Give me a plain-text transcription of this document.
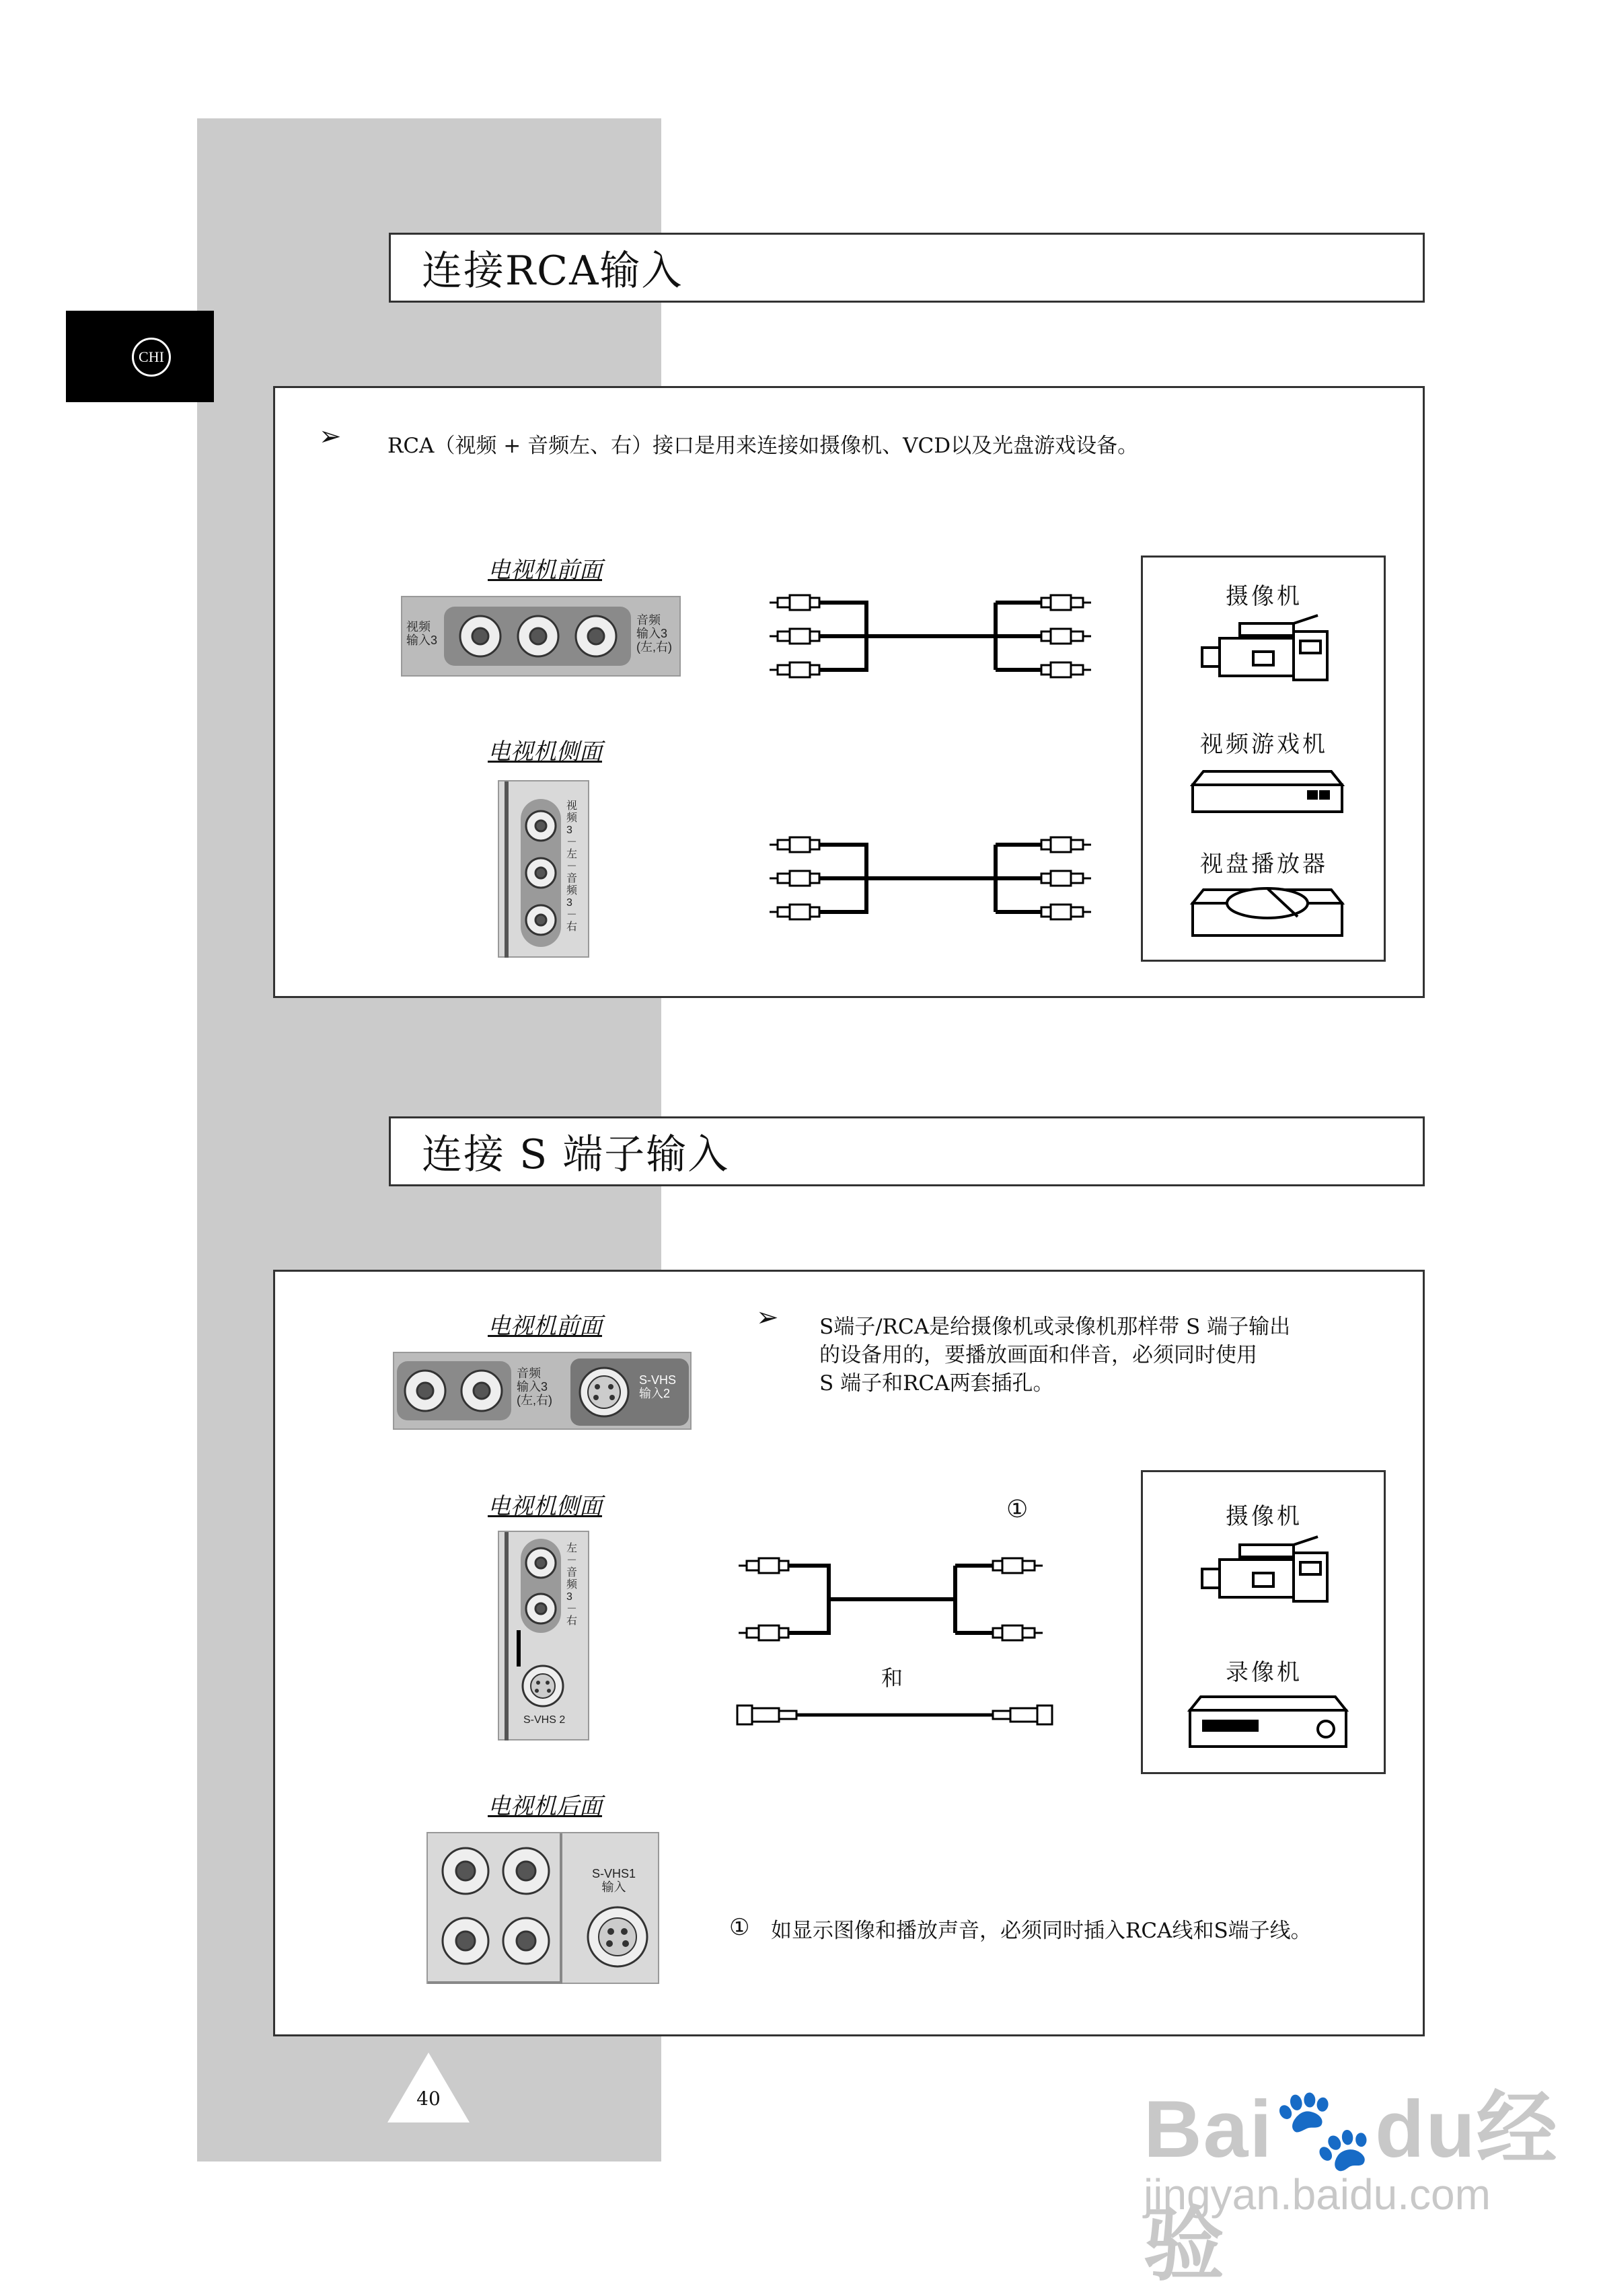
CHI
连接RCA输入
➢ RCA（视频 + 音频左、右）接口是用来连接如摄像机、VCD以及光盘游戏设备。
电视机前面
视频
输入3
音频
输入3
(左,右)
电视机侧面
视频3－左－音频3－右
摄像机
视频游戏机
视盘播放器
连接 S 端子输入
电视机前面
音频
输入3
(左,右)
S-VHS
输入2
➢ S端子/RCA是给摄像机或录像机那样带 S 端子输出
的设备用的，要播放画面和伴音，必须同时使用
S 端子和RCA两套插孔。
电视机侧面
左－音频3－右
S-VHS 2
①
和
摄像机
录像机
电视机后面
S-VHS1
输入
① 如显示图像和播放声音，必须同时插入RCA线和S端子线。
40	Bai🐾du经验
jingyan.baidu.com
